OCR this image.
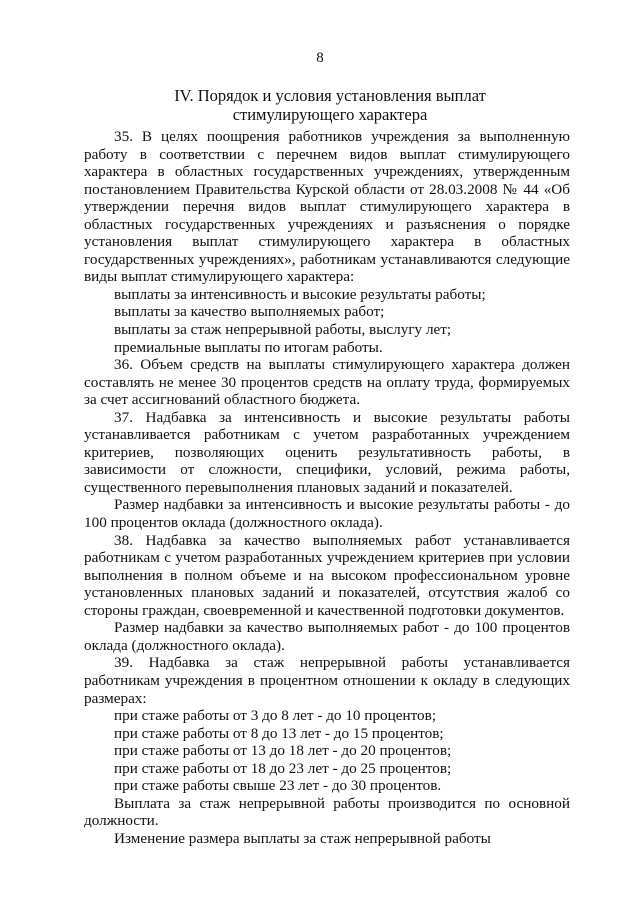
8
IV. Порядок и условия установления выплат
стимулирующего характера

35. В целях поощрения работников учреждения за выполненную работу в соответствии с перечнем видов выплат стимулирующего характера в областных государственных учреждениях, утвержденным постановлением Правительства Курской области от 28.03.2008 № 44 «Об утверждении перечня видов выплат стимулирующего характера в областных государственных учреждениях и разъяснения о порядке установления выплат стимулирующего характера в областных государственных учреждениях», работникам устанавливаются следующие виды выплат стимулирующего характера:

выплаты за интенсивность и высокие результаты работы;

выплаты за качество выполняемых работ;

выплаты за стаж непрерывной работы, выслугу лет;

премиальные выплаты по итогам работы.

36. Объем средств на выплаты стимулирующего характера должен составлять не менее 30 процентов средств на оплату труда, формируемых за счет ассигнований областного бюджета.

37. Надбавка за интенсивность и высокие результаты работы устанавливается работникам с учетом разработанных учреждением критериев, позволяющих оценить результативность работы, в зависимости от сложности, специфики, условий, режима работы, существенного перевыполнения плановых заданий и показателей.

Размер надбавки за интенсивность и высокие результаты работы - до 100 процентов оклада (должностного оклада).

38. Надбавка за качество выполняемых работ устанавливается работникам с учетом разработанных учреждением критериев при условии выполнения в полном объеме и на высоком профессиональном уровне установленных плановых заданий и показателей, отсутствия жалоб со стороны граждан, своевременной и качественной подготовки документов.

Размер надбавки за качество выполняемых работ - до 100 процентов оклада (должностного оклада).

39. Надбавка за стаж непрерывной работы устанавливается работникам учреждения в процентном отношении к окладу в следующих размерах:

при стаже работы от 3 до 8 лет - до 10 процентов;

при стаже работы от 8 до 13 лет - до 15 процентов;

при стаже работы от 13 до 18 лет - до 20 процентов;

при стаже работы от 18 до 23 лет - до 25 процентов;

при стаже работы свыше 23 лет - до 30 процентов.

Выплата за стаж непрерывной работы производится по основной должности.

Изменение размера выплаты за стаж непрерывной работы
